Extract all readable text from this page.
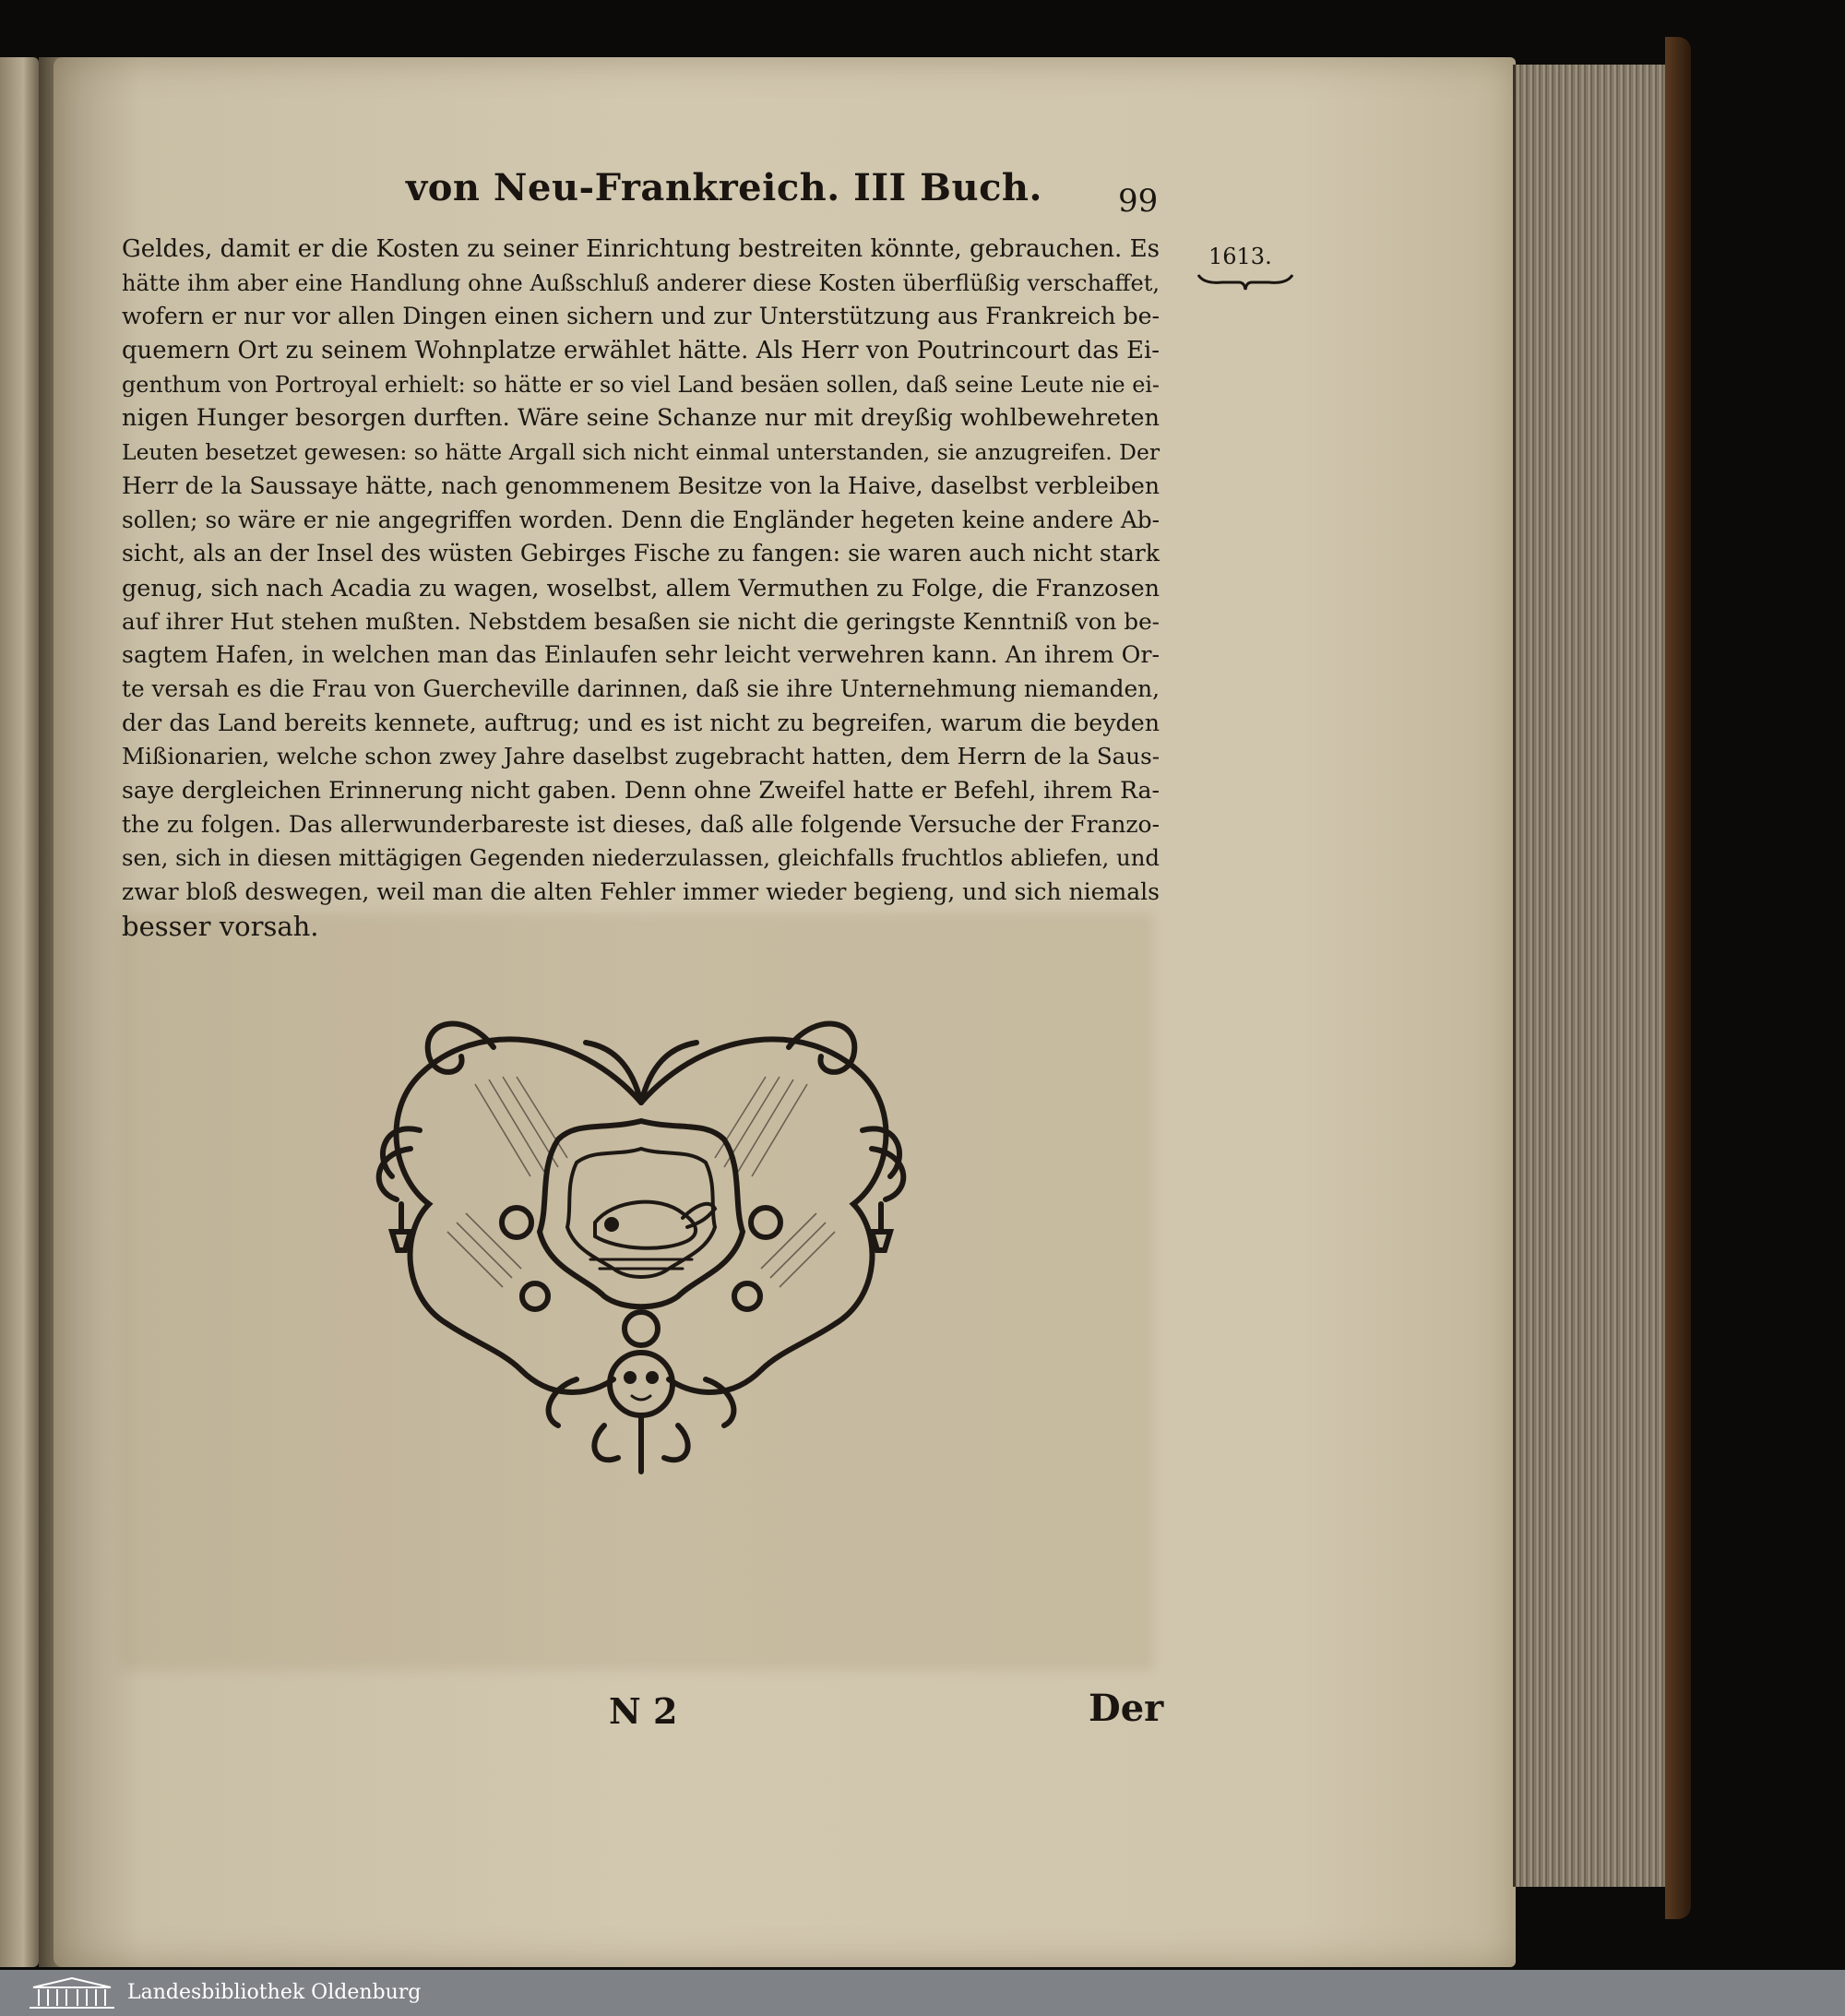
von Neu-Frankreich. III Buch. 99
1613.
Geldes, damit er die Kosten zu seiner Einrichtung bestreiten könnte, gebrauchen. Es
hätte ihm aber eine Handlung ohne Außschluß anderer diese Kosten überflüßig verschaffet,
wofern er nur vor allen Dingen einen sichern und zur Unterstützung aus Frankreich be-
quemern Ort zu seinem Wohnplatze erwählet hätte. Als Herr von Poutrincourt das Ei-
genthum von Portroyal erhielt: so hätte er so viel Land besäen sollen, daß seine Leute nie ei-
nigen Hunger besorgen durften. Wäre seine Schanze nur mit dreyßig wohlbewehreten
Leuten besetzet gewesen: so hätte Argall sich nicht einmal unterstanden, sie anzugreifen. Der
Herr de la Saussaye hätte, nach genommenem Besitze von la Haive, daselbst verbleiben
sollen; so wäre er nie angegriffen worden. Denn die Engländer hegeten keine andere Ab-
sicht, als an der Insel des wüsten Gebirges Fische zu fangen: sie waren auch nicht stark
genug, sich nach Acadia zu wagen, woselbst, allem Vermuthen zu Folge, die Franzosen
auf ihrer Hut stehen mußten. Nebstdem besaßen sie nicht die geringste Kenntniß von be-
sagtem Hafen, in welchen man das Einlaufen sehr leicht verwehren kann. An ihrem Or-
te versah es die Frau von Guercheville darinnen, daß sie ihre Unternehmung niemanden,
der das Land bereits kennete, auftrug; und es ist nicht zu begreifen, warum die beyden
Mißionarien, welche schon zwey Jahre daselbst zugebracht hatten, dem Herrn de la Saus-
saye dergleichen Erinnerung nicht gaben. Denn ohne Zweifel hatte er Befehl, ihrem Ra-
the zu folgen. Das allerwunderbareste ist dieses, daß alle folgende Versuche der Franzo-
sen, sich in diesen mittägigen Gegenden niederzulassen, gleichfalls fruchtlos abliefen, und
zwar bloß deswegen, weil man die alten Fehler immer wieder begieng, und sich niemals
besser vorsah.
N 2	Der
Landesbibliothek Oldenburg
